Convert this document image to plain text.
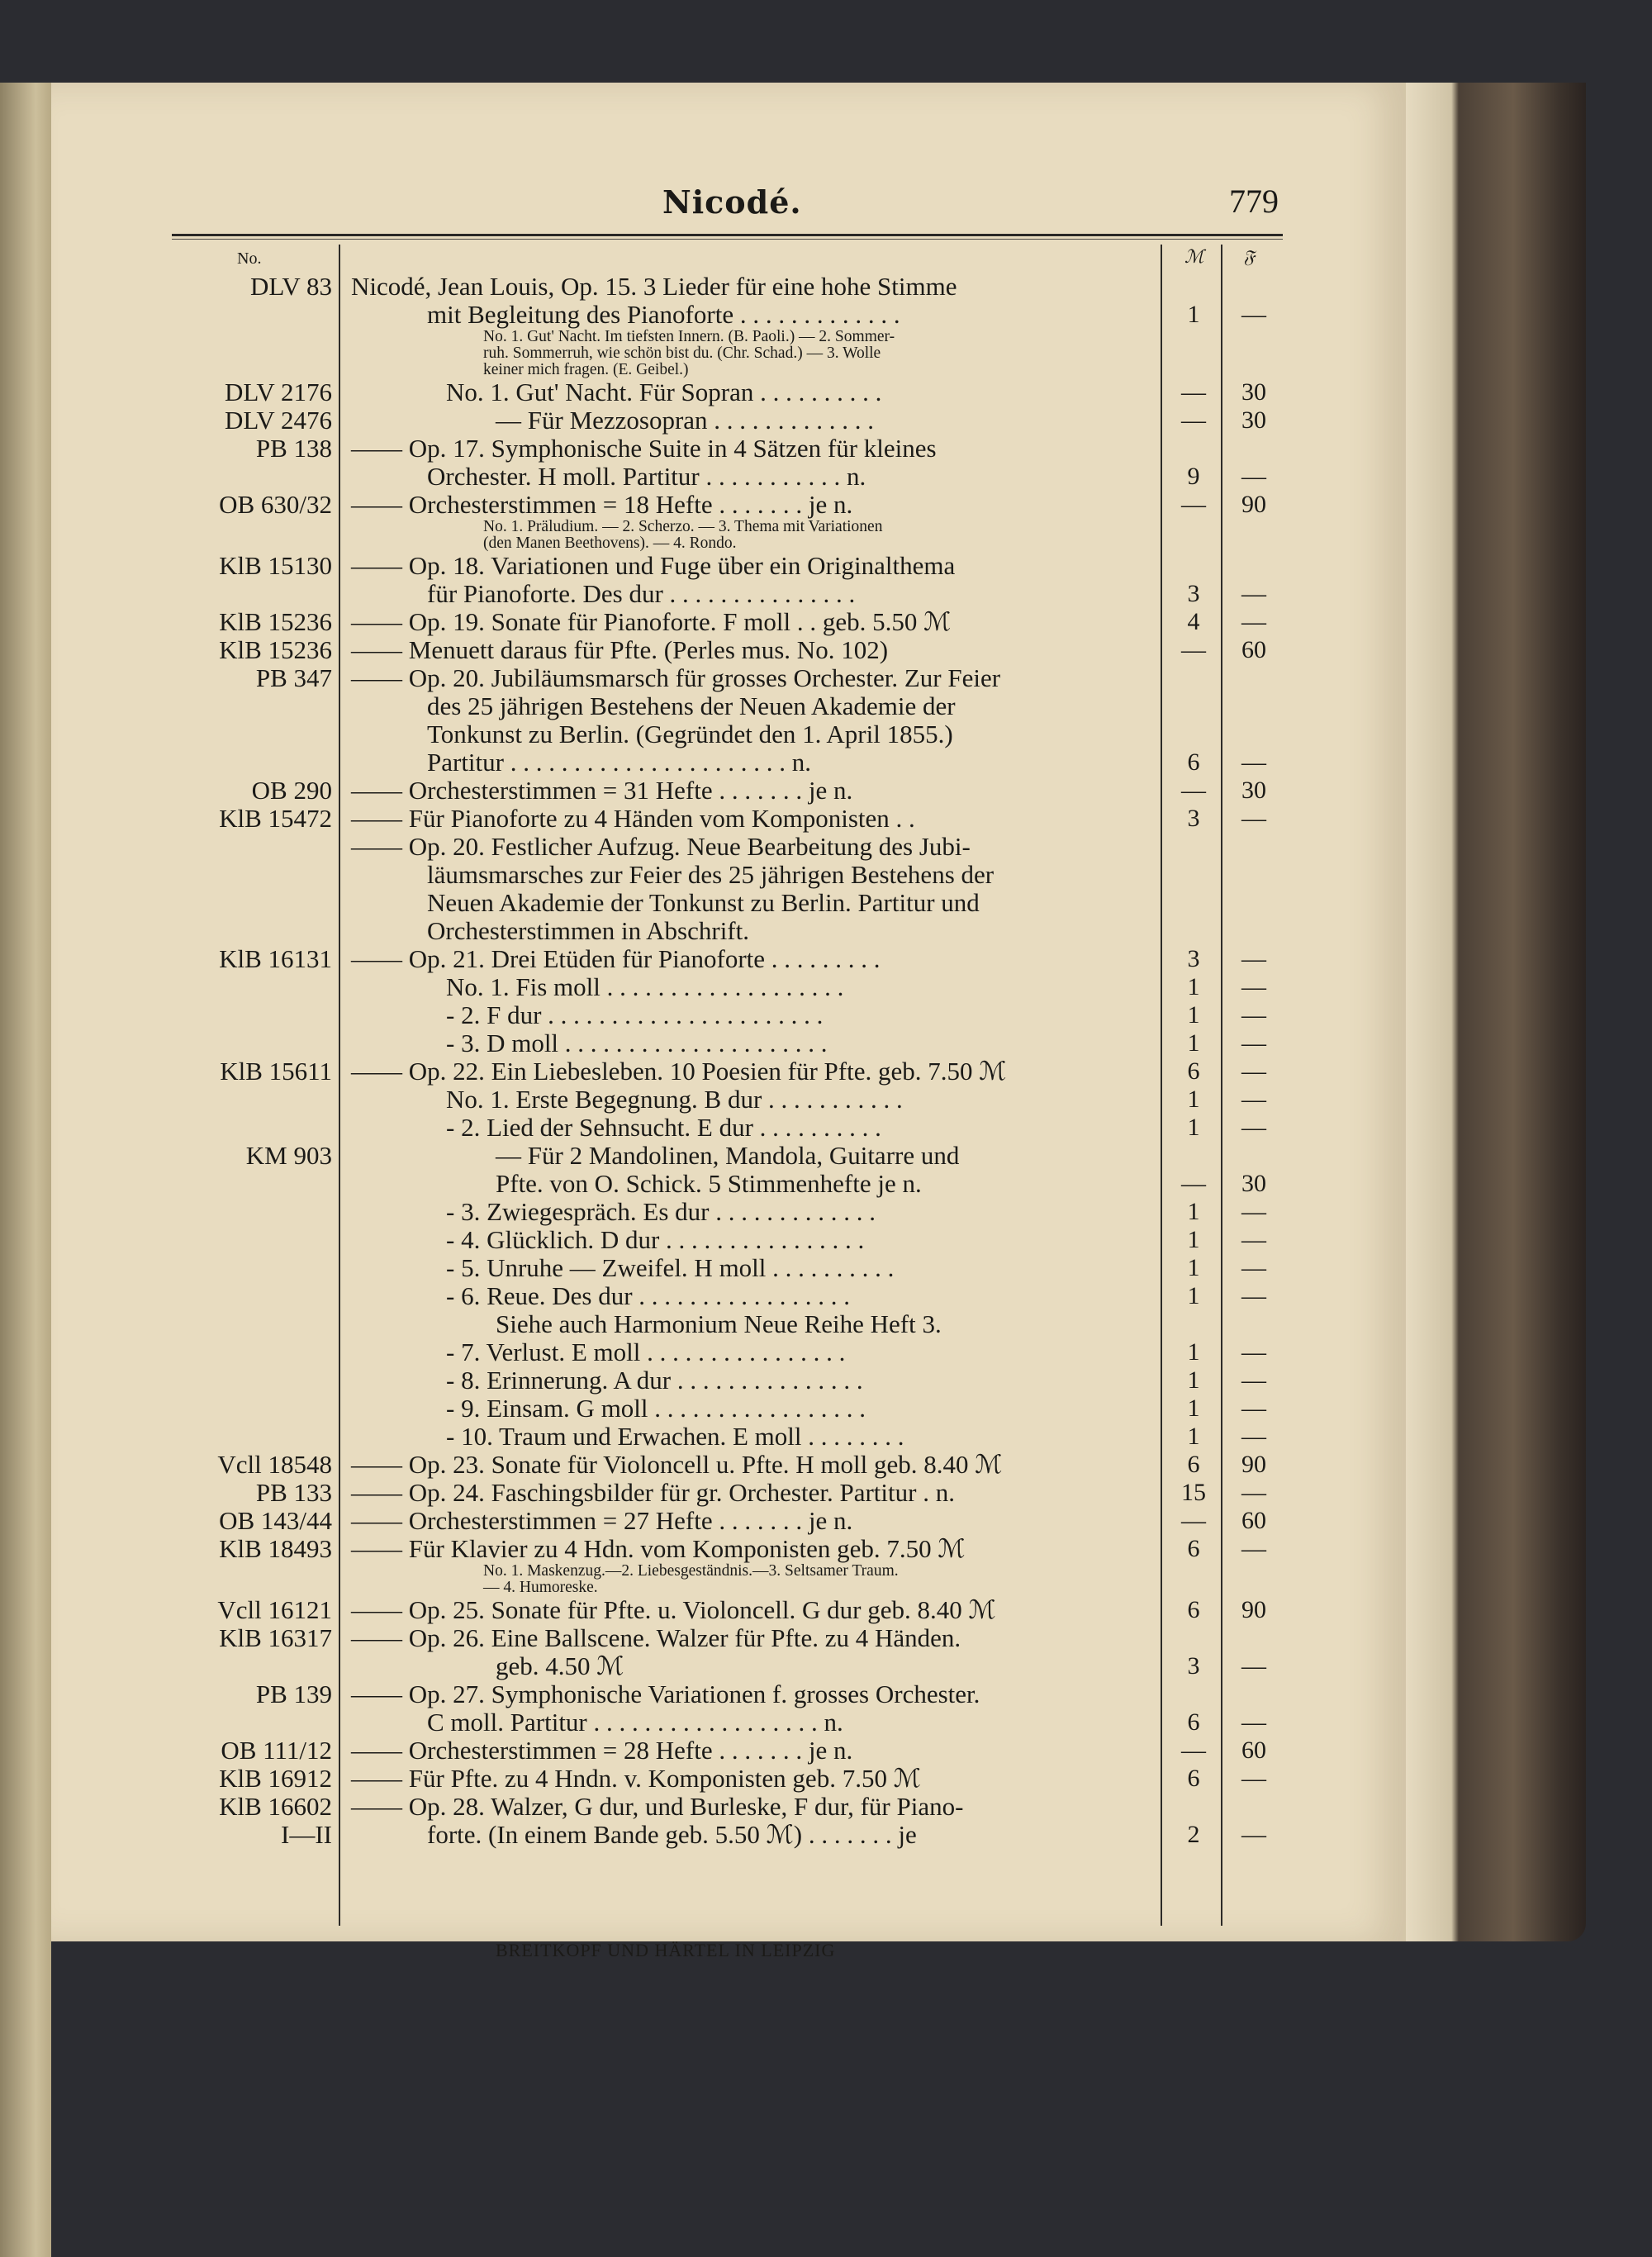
Nicodé.	779
No.	ℳ 𝔉
DLV 83 Nicodé, Jean Louis, Op. 15. 3 Lieder für eine hohe Stimme
mit Begleitung des Pianoforte . . . . . . . . . . . . .	1	—
No. 1. Gut' Nacht. Im tiefsten Innern. (B. Paoli.) — 2. Sommer-
ruh. Sommerruh, wie schön bist du. (Chr. Schad.) — 3. Wolle
keiner mich fragen. (E. Geibel.)
DLV 2176	No. 1. Gut' Nacht. Für Sopran . . . . . . . . . .	—	30
DLV 2476	— Für Mezzosopran . . . . . . . . . . . . .	—	30
PB 138 —— Op. 17. Symphonische Suite in 4 Sätzen für kleines
Orchester. H moll. Partitur . . . . . . . . . . . n.	9	—
OB 630/32 —— Orchesterstimmen = 18 Hefte . . . . . . . je n.	—	90
No. 1. Präludium. — 2. Scherzo. — 3. Thema mit Variationen
(den Manen Beethovens). — 4. Rondo.
KlB 15130 —— Op. 18. Variationen und Fuge über ein Originalthema
für Pianoforte. Des dur . . . . . . . . . . . . . . .	3	—
KlB 15236 —— Op. 19. Sonate für Pianoforte. F moll . . geb. 5.50 ℳ	4	—
KlB 15236 —— Menuett daraus für Pfte. (Perles mus. No. 102)	—	60
PB 347 —— Op. 20. Jubiläumsmarsch für grosses Orchester. Zur Feier
des 25 jährigen Bestehens der Neuen Akademie der
Tonkunst zu Berlin. (Gegründet den 1. April 1855.)
Partitur . . . . . . . . . . . . . . . . . . . . . . n.	6	—
OB 290 —— Orchesterstimmen = 31 Hefte . . . . . . . je n.	—	30
KlB 15472 —— Für Pianoforte zu 4 Händen vom Komponisten . .	3	—
—— Op. 20. Festlicher Aufzug. Neue Bearbeitung des Jubi-
läumsmarsches zur Feier des 25 jährigen Bestehens der
Neuen Akademie der Tonkunst zu Berlin. Partitur und
Orchesterstimmen in Abschrift.
KlB 16131 —— Op. 21. Drei Etüden für Pianoforte . . . . . . . . .	3	—
No. 1. Fis moll . . . . . . . . . . . . . . . . . . .	1	—
- 2. F dur . . . . . . . . . . . . . . . . . . . . . .	1	—
- 3. D moll . . . . . . . . . . . . . . . . . . . . .	1	—
KlB 15611 —— Op. 22. Ein Liebesleben. 10 Poesien für Pfte. geb. 7.50 ℳ	6	—
No. 1. Erste Begegnung. B dur . . . . . . . . . . .	1	—
- 2. Lied der Sehnsucht. E dur . . . . . . . . . .	1	—
KM 903	— Für 2 Mandolinen, Mandola, Guitarre und
Pfte. von O. Schick. 5 Stimmenhefte je n.	—	30
- 3. Zwiegespräch. Es dur . . . . . . . . . . . . .	1	—
- 4. Glücklich. D dur . . . . . . . . . . . . . . . .	1	—
- 5. Unruhe — Zweifel. H moll . . . . . . . . . .	1	—
- 6. Reue. Des dur . . . . . . . . . . . . . . . . .	1	—
Siehe auch Harmonium Neue Reihe Heft 3.
- 7. Verlust. E moll . . . . . . . . . . . . . . . .	1	—
- 8. Erinnerung. A dur . . . . . . . . . . . . . . .	1	—
- 9. Einsam. G moll . . . . . . . . . . . . . . . . .	1	—
- 10. Traum und Erwachen. E moll . . . . . . . .	1	—
Vcll 18548 —— Op. 23. Sonate für Violoncell u. Pfte. H moll geb. 8.40 ℳ	6	90
PB 133 —— Op. 24. Faschingsbilder für gr. Orchester. Partitur . n.	15	—
OB 143/44 —— Orchesterstimmen = 27 Hefte . . . . . . . je n.	—	60
KlB 18493 —— Für Klavier zu 4 Hdn. vom Komponisten geb. 7.50 ℳ	6	—
No. 1. Maskenzug.—2. Liebesgeständnis.—3. Seltsamer Traum.
— 4. Humoreske.
Vcll 16121 —— Op. 25. Sonate für Pfte. u. Violoncell. G dur geb. 8.40 ℳ	6	90
KlB 16317 —— Op. 26. Eine Ballscene. Walzer für Pfte. zu 4 Händen.
geb. 4.50 ℳ	3	—
PB 139 —— Op. 27. Symphonische Variationen f. grosses Orchester.
C moll. Partitur . . . . . . . . . . . . . . . . . . n.	6	—
OB 111/12 —— Orchesterstimmen = 28 Hefte . . . . . . . je n.	—	60
KlB 16912 —— Für Pfte. zu 4 Hndn. v. Komponisten geb. 7.50 ℳ	6	—
KlB 16602 —— Op. 28. Walzer, G dur, und Burleske, F dur, für Piano-
I—II	forte. (In einem Bande geb. 5.50 ℳ) . . . . . . . je	2	—
BREITKOPF UND HÄRTEL IN LEIPZIG
